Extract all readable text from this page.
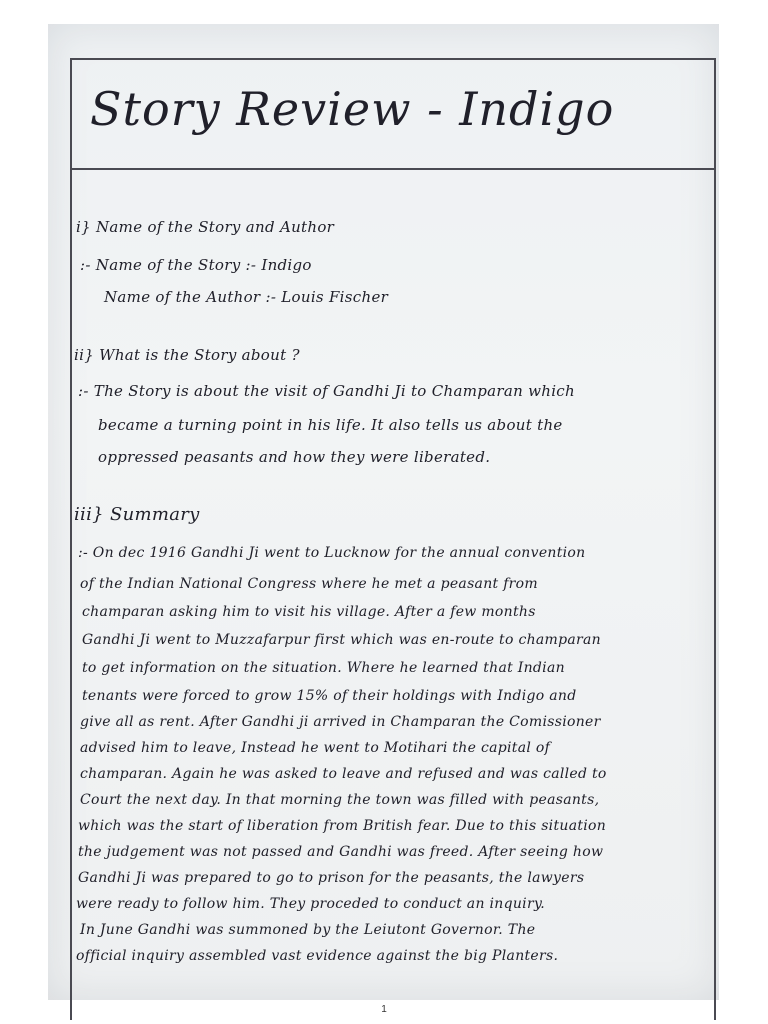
Story Review - Indigo
i} Name of the Story and Author
:- Name of the Story :- Indigo
Name of the Author :- Louis Fischer
ii} What is the Story about ?
:- The Story is about the visit of Gandhi Ji to Champaran which
became a turning point in his life. It also tells us about the
oppressed peasants and how they were liberated.
iii} Summary
:- On dec 1916 Gandhi Ji went to Lucknow for the annual convention
of the Indian National Congress where he met a peasant from
champaran asking him to visit his village. After a few months
Gandhi Ji went to Muzzafarpur first which was en-route to champaran
to get information on the situation. Where he learned that Indian
tenants were forced to grow 15% of their holdings with Indigo and
give all as rent. After Gandhi ji arrived in Champaran the Comissioner
advised him to leave, Instead he went to Motihari the capital of
champaran. Again he was asked to leave and refused and was called to
Court the next day. In that morning the town was filled with peasants,
which was the start of liberation from British fear. Due to this situation
the judgement was not passed and Gandhi was freed. After seeing how
Gandhi Ji was prepared to go to prison for the peasants, the lawyers
were ready to follow him. They proceded to conduct an inquiry.
In June Gandhi was summoned by the Leiutont Governor. The
official inquiry assembled vast evidence against the big Planters.
1
